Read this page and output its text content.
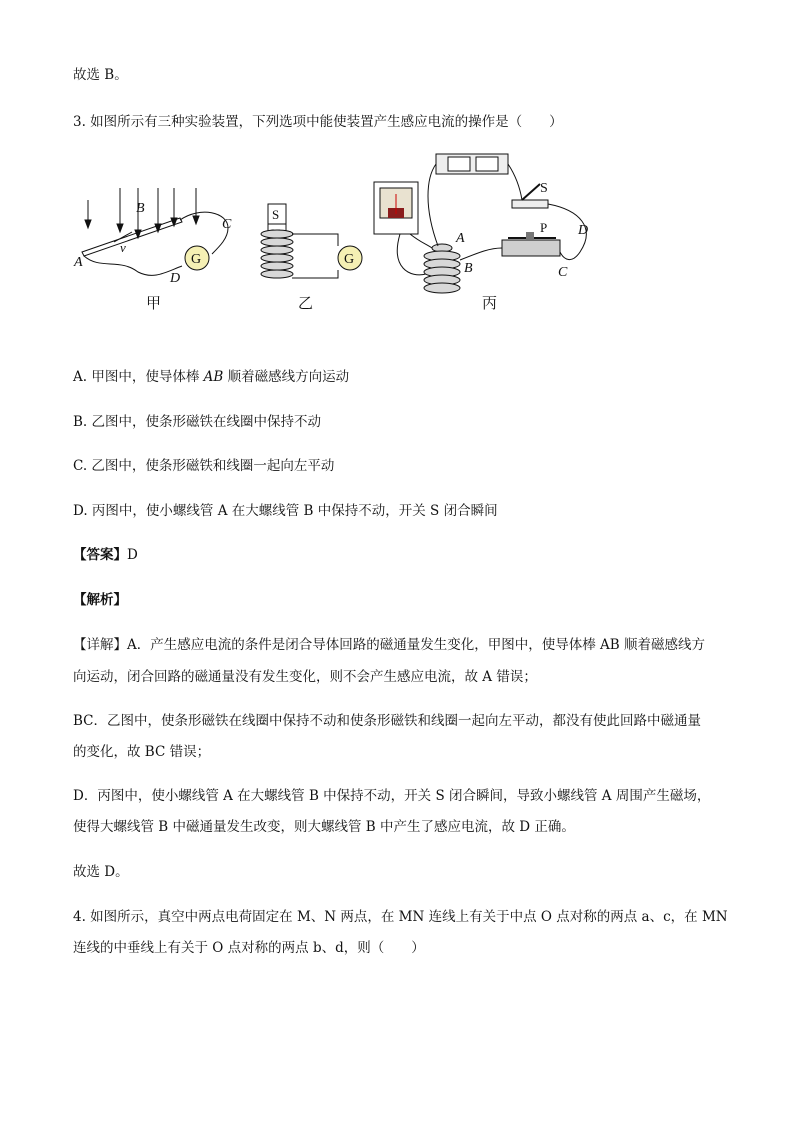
故选 B。
3. 如图所示有三种实验装置，下列选项中能使装置产生感应电流的操作是（　　）
G
A
B
C
D
v
甲
S
G
乙
S
A
B
P
C
D
丙
A. 甲图中，使导体棒 AB 顺着磁感线方向运动
B. 乙图中，使条形磁铁在线圈中保持不动
C. 乙图中，使条形磁铁和线圈一起向左平动
D. 丙图中，使小螺线管 A 在大螺线管 B 中保持不动，开关 S 闭合瞬间
【答案】D
【解析】
【详解】A．产生感应电流的条件是闭合导体回路的磁通量发生变化，甲图中，使导体棒 AB 顺着磁感线方
向运动，闭合回路的磁通量没有发生变化，则不会产生感应电流，故 A 错误；
BC．乙图中，使条形磁铁在线圈中保持不动和使条形磁铁和线圈一起向左平动，都没有使此回路中磁通量
的变化，故 BC 错误；
D．丙图中，使小螺线管 A 在大螺线管 B 中保持不动，开关 S 闭合瞬间，导致小螺线管 A 周围产生磁场，
使得大螺线管 B 中磁通量发生改变，则大螺线管 B 中产生了感应电流，故 D 正确。
故选 D。
4. 如图所示，真空中两点电荷固定在 M、N 两点，在 MN 连线上有关于中点 O 点对称的两点 a、c，在 MN
连线的中垂线上有关于 O 点对称的两点 b、d，则（　　）
